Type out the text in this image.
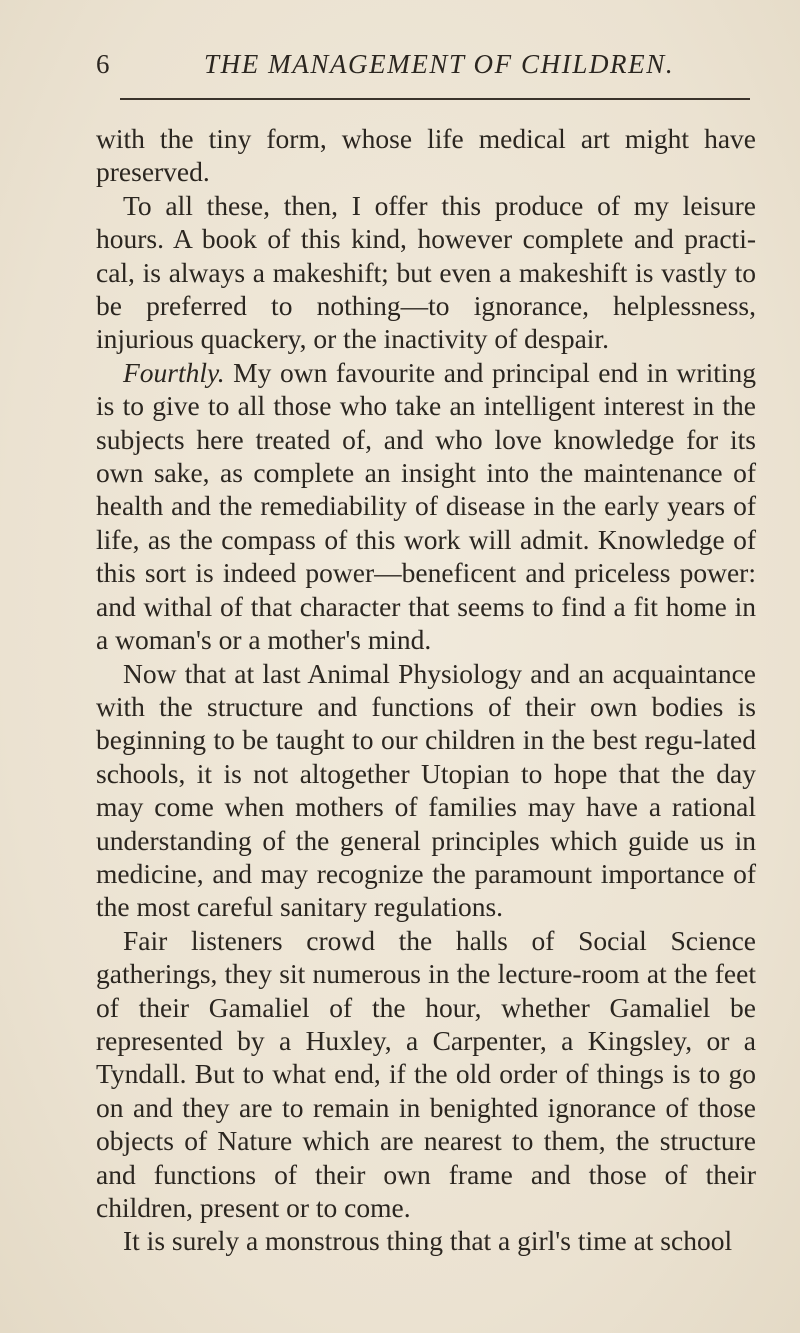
6	THE MANAGEMENT OF CHILDREN.

with the tiny form, whose life medical art might have preserved.

To all these, then, I offer this produce of my leisure hours. A book of this kind, however complete and practi-cal, is always a makeshift; but even a makeshift is vastly to be preferred to nothing—to ignorance, helplessness, injurious quackery, or the inactivity of despair.

Fourthly. My own favourite and principal end in writing is to give to all those who take an intelligent interest in the subjects here treated of, and who love knowledge for its own sake, as complete an insight into the maintenance of health and the remediability of disease in the early years of life, as the compass of this work will admit. Knowledge of this sort is indeed power—beneficent and priceless power: and withal of that character that seems to find a fit home in a woman's or a mother's mind.

Now that at last Animal Physiology and an acquaintance with the structure and functions of their own bodies is beginning to be taught to our children in the best regu-lated schools, it is not altogether Utopian to hope that the day may come when mothers of families may have a rational understanding of the general principles which guide us in medicine, and may recognize the paramount importance of the most careful sanitary regulations.

Fair listeners crowd the halls of Social Science gatherings, they sit numerous in the lecture-room at the feet of their Gamaliel of the hour, whether Gamaliel be represented by a Huxley, a Carpenter, a Kingsley, or a Tyndall. But to what end, if the old order of things is to go on and they are to remain in benighted ignorance of those objects of Nature which are nearest to them, the structure and functions of their own frame and those of their children, present or to come.

It is surely a monstrous thing that a girl's time at school
